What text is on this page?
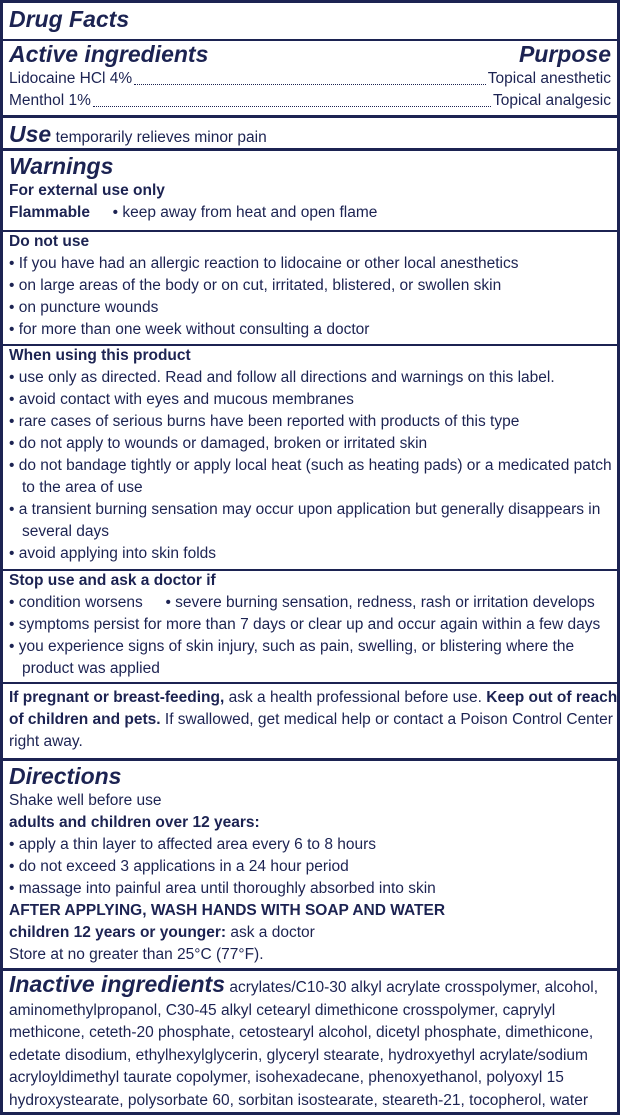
Drug Facts
Active ingredients	Purpose
Lidocaine HCl 4%	Topical anesthetic
Menthol 1%	Topical analgesic
Use temporarily relieves minor pain
Warnings
For external use only
Flammable • keep away from heat and open flame
Do not use
• If you have had an allergic reaction to lidocaine or other local anesthetics
• on large areas of the body or on cut, irritated, blistered, or swollen skin
• on puncture wounds
• for more than one week without consulting a doctor
When using this product
• use only as directed. Read and follow all directions and warnings on this label.
• avoid contact with eyes and mucous membranes
• rare cases of serious burns have been reported with products of this type
• do not apply to wounds or damaged, broken or irritated skin
• do not bandage tightly or apply local heat (such as heating pads) or a medicated patch to the area of use
• a transient burning sensation may occur upon application but generally disappears in several days
• avoid applying into skin folds
Stop use and ask a doctor if
• condition worsens • severe burning sensation, redness, rash or irritation develops
• symptoms persist for more than 7 days or clear up and occur again within a few days
• you experience signs of skin injury, such as pain, swelling, or blistering where the product was applied
If pregnant or breast-feeding, ask a health professional before use. Keep out of reach of children and pets. If swallowed, get medical help or contact a Poison Control Center right away.
Directions
Shake well before use
adults and children over 12 years:
• apply a thin layer to affected area every 6 to 8 hours
• do not exceed 3 applications in a 24 hour period
• massage into painful area until thoroughly absorbed into skin
AFTER APPLYING, WASH HANDS WITH SOAP AND WATER
children 12 years or younger: ask a doctor
Store at no greater than 25°C (77°F).
Inactive ingredients acrylates/C10-30 alkyl acrylate crosspolymer, alcohol, aminomethylpropanol, C30-45 alkyl cetearyl dimethicone crosspolymer, caprylyl methicone, ceteth-20 phosphate, cetostearyl alcohol, dicetyl phosphate, dimethicone, edetate disodium, ethylhexylglycerin, glyceryl stearate, hydroxyethyl acrylate/sodium acryloyldimethyl taurate copolymer, isohexadecane, phenoxyethanol, polyoxyl 15 hydroxystearate, polysorbate 60, sorbitan isostearate, steareth-21, tocopherol, water
